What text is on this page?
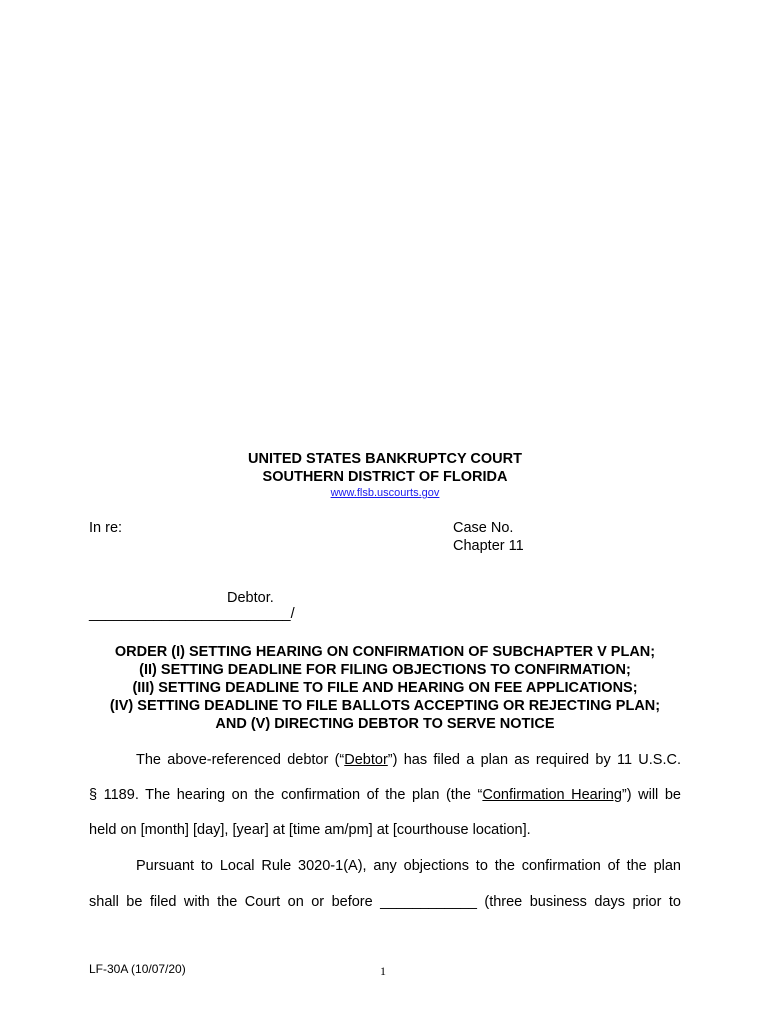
UNITED STATES BANKRUPTCY COURT

SOUTHERN DISTRICT OF FLORIDA

www.flsb.uscourts.gov

In re:	Case No.

Chapter 11

Debtor.

_________________________/

ORDER (I) SETTING HEARING ON CONFIRMATION OF SUBCHAPTER V PLAN;

(II) SETTING DEADLINE FOR FILING OBJECTIONS TO CONFIRMATION;

(III) SETTING DEADLINE TO FILE AND HEARING ON FEE APPLICATIONS;

(IV) SETTING DEADLINE TO FILE BALLOTS ACCEPTING OR REJECTING PLAN;

AND (V) DIRECTING DEBTOR TO SERVE NOTICE

The above-referenced debtor (“Debtor”) has filed a plan as required by 11 U.S.C.

§ 1189. The hearing on the confirmation of the plan (the “Confirmation Hearing”) will be

held on [month] [day], [year] at [time am/pm] at [courthouse location].

Pursuant to Local Rule 3020-1(A), any objections to the confirmation of the plan

shall be filed with the Court on or before ____________ (three business days prior to

LF-30A (10/07/20)	1
